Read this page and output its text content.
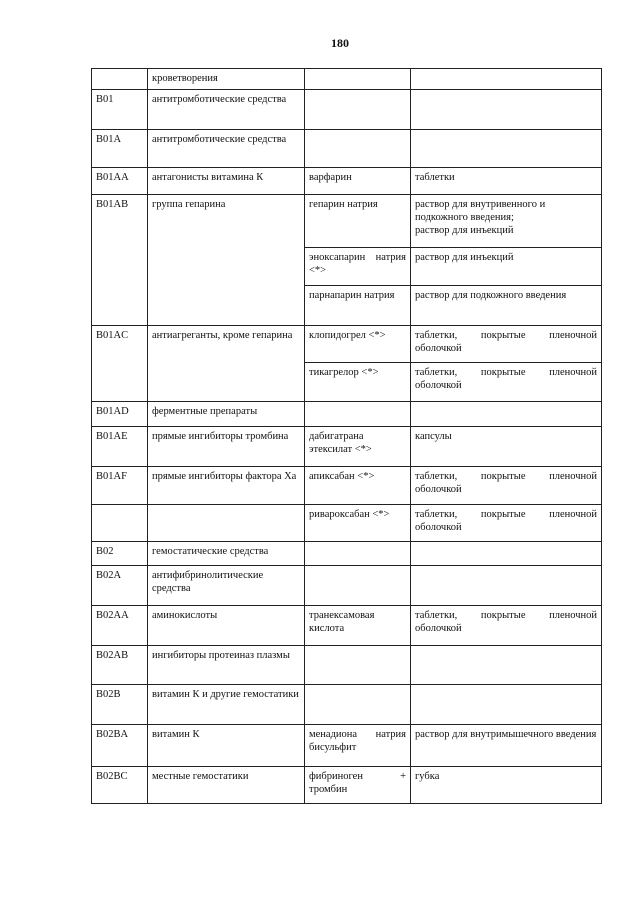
180
	кроветворения		
B01	антитромботические средства		
B01A	антитромботические средства		
B01AA	антагонисты витамина К	варфарин	таблетки
B01AB	группа гепарина	гепарин натрия	раствор для внутривенного и подкожного введения;
раствор для инъекций
		эноксапарин натрия <*>	раствор для инъекций
		парнапарин натрия	раствор для подкожного введения
B01AC	антиагреганты, кроме гепарина	клопидогрел <*>	таблетки, покрытые пленочной оболочкой
		тикагрелор <*>	таблетки, покрытые пленочной оболочкой
B01AD	ферментные препараты		
B01AE	прямые ингибиторы тромбина	дабигатрана этексилат <*>	капсулы
B01AF	прямые ингибиторы фактора Ха	апиксабан <*>	таблетки, покрытые пленочной оболочкой
		ривароксабан <*>	таблетки, покрытые пленочной оболочкой
B02	гемостатические средства		
B02A	антифибринолитические средства		
B02AA	аминокислоты	транексамовая кислота	таблетки, покрытые пленочной оболочкой
B02AB	ингибиторы протеиназ плазмы		
B02B	витамин К и другие гемостатики		
B02BA	витамин К	менадиона натрия бисульфит	раствор для внутримышечного введения
B02BC	местные гемостатики	фибриноген + тромбин	губка
